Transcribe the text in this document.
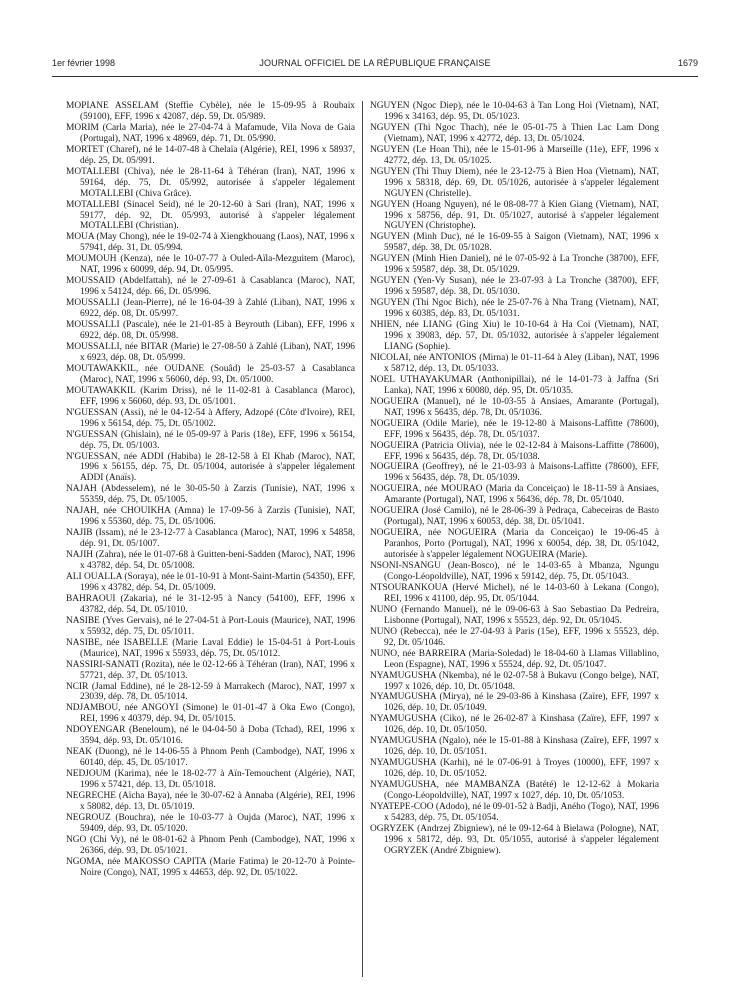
1er février 1998	JOURNAL OFFICIEL DE LA RÉPUBLIQUE FRANÇAISE	1679

MOPIANE ASSELAM (Steffie Cybèle), née le 15-09-95 à Roubaix (59100), EFF, 1996 x 42087, dép. 59, Dt. 05/989.

MORIM (Carla Maria), née le 27-04-74 à Mafamude, Vila Nova de Gaia (Portugal), NAT, 1996 x 48969, dép. 71, Dt. 05/990.

MORTET (Charef), né le 14-07-48 à Chelaïa (Algérie), REI, 1996 x 58937, dép. 25, Dt. 05/991.

MOTALLEBI (Chiva), née le 28-11-64 à Téhéran (Iran), NAT, 1996 x 59164, dép. 75, Dt. 05/992, autorisée à s'appeler légalement MOTALLEBI (Chiva Grâce).

MOTALLEBI (Sinacel Seid), né le 20-12-60 à Sari (Iran), NAT, 1996 x 59177, dép. 92, Dt. 05/993, autorisé à s'appeler légalement MOTALLEBI (Christian).

MOUA (May Chong), née le 19-02-74 à Xiengkhouang (Laos), NAT, 1996 x 57941, dép. 31, Dt. 05/994.

MOUMOUH (Kenza), née le 10-07-77 à Ouled-Aïla-Mezguitem (Maroc), NAT, 1996 x 60099, dép. 94, Dt. 05/995.

MOUSSAID (Abdelfattah), né le 27-09-61 à Casablanca (Maroc), NAT, 1996 x 54124, dép. 66, Dt. 05/996.

MOUSSALLI (Jean-Pierre), né le 16-04-39 à Zahlé (Liban), NAT, 1996 x 6922, dép. 08, Dt. 05/997.

MOUSSALLI (Pascale), née le 21-01-85 à Beyrouth (Liban), EFF, 1996 x 6922, dép. 08, Dt. 05/998.

MOUSSALLI, née BITAR (Marie) le 27-08-50 à Zahlé (Liban), NAT, 1996 x 6923, dép. 08, Dt. 05/999.

MOUTAWAKKIL, née OUDANE (Souâd) le 25-03-57 à Casablanca (Maroc), NAT, 1996 x 56060, dép. 93, Dt. 05/1000.

MOUTAWAKKIL (Karim Driss), né le 11-02-81 à Casablanca (Maroc), EFF, 1996 x 56060, dép. 93, Dt. 05/1001.

N'GUESSAN (Assi), né le 04-12-54 à Affery, Adzopé (Côte d'Ivoire), REI, 1996 x 56154, dép. 75, Dt. 05/1002.

N'GUESSAN (Ghislain), né le 05-09-97 à Paris (18e), EFF, 1996 x 56154, dép. 75, Dt. 05/1003.

N'GUESSAN, née ADDI (Habiba) le 28-12-58 à El Khab (Maroc), NAT, 1996 x 56155, dép. 75, Dt. 05/1004, autorisée à s'appeler légalement ADDI (Anaïs).

NAJAH (Abdesselem), né le 30-05-50 à Zarzis (Tunisie), NAT, 1996 x 55359, dép. 75, Dt. 05/1005.

NAJAH, née CHOUIKHA (Amna) le 17-09-56 à Zarzis (Tunisie), NAT, 1996 x 55360, dép. 75, Dt. 05/1006.

NAJIB (Issam), né le 23-12-77 à Casablanca (Maroc), NAT, 1996 x 54858, dép. 91, Dt. 05/1007.

NAJIH (Zahra), née le 01-07-68 à Guitten-beni-Sadden (Maroc), NAT, 1996 x 43782, dép. 54, Dt. 05/1008.

ALI OUALLA (Soraya), née le 01-10-91 à Mont-Saint-Martin (54350), EFF, 1996 x 43782, dép. 54, Dt. 05/1009.

BAHRAOUI (Zakaria), né le 31-12-95 à Nancy (54100), EFF, 1996 x 43782, dép. 54, Dt. 05/1010.

NASIBE (Yves Gervais), né le 27-04-51 à Port-Louis (Maurice), NAT, 1996 x 55932, dép. 75, Dt. 05/1011.

NASIBE, née ISABELLE (Marie Laval Eddie) le 15-04-51 à Port-Louis (Maurice), NAT, 1996 x 55933, dép. 75, Dt. 05/1012.

NASSIRI-SANATI (Rozita), née le 02-12-66 à Téhéran (Iran), NAT, 1996 x 57721, dép. 37, Dt. 05/1013.

NCIR (Jamal Eddine), né le 28-12-59 à Marrakech (Maroc), NAT, 1997 x 23039, dép. 78, Dt. 05/1014.

NDJAMBOU, née ANGOYI (Simone) le 01-01-47 à Oka Ewo (Congo), REI, 1996 x 40379, dép. 94, Dt. 05/1015.

NDOYENGAR (Beneloum), né le 04-04-50 à Doba (Tchad), REI, 1996 x 3594, dép. 93, Dt. 05/1016.

NEAK (Duong), né le 14-06-55 à Phnom Penh (Cambodge), NAT, 1996 x 60140, dép. 45, Dt. 05/1017.

NEDJOUM (Karima), née le 18-02-77 à Aïn-Temouchent (Algérie), NAT, 1996 x 57421, dép. 13, Dt. 05/1018.

NEGRECHE (Aïcha Baya), née le 30-07-62 à Annaba (Algérie), REI, 1996 x 58082, dép. 13, Dt. 05/1019.

NEGROUZ (Bouchra), née le 10-03-77 à Oujda (Maroc), NAT, 1996 x 59409, dép. 93, Dt. 05/1020.

NGO (Chi Vy), né le 08-01-62 à Phnom Penh (Cambodge), NAT, 1996 x 26366, dép. 93, Dt. 05/1021.

NGOMA, née MAKOSSO CAPITA (Marie Fatima) le 20-12-70 à Pointe-Noire (Congo), NAT, 1995 x 44653, dép. 92, Dt. 05/1022.

NGUYEN (Ngoc Diep), née le 10-04-63 à Tan Long Hoi (Vietnam), NAT, 1996 x 34163, dép. 95, Dt. 05/1023.

NGUYEN (Thi Ngoc Thach), née le 05-01-75 à Thien Lac Lam Dong (Vietnam), NAT, 1996 x 42772, dép. 13, Dt. 05/1024.

NGUYEN (Le Hoan Thi), née le 15-01-96 à Marseille (11e), EFF, 1996 x 42772, dép. 13, Dt. 05/1025.

NGUYEN (Thi Thuy Diem), née le 23-12-75 à Bien Hoa (Vietnam), NAT, 1996 x 58318, dép. 69, Dt. 05/1026, autorisée à s'appeler légalement NGUYEN (Christelle).

NGUYEN (Hoang Nguyen), né le 08-08-77 à Kien Giang (Vietnam), NAT, 1996 x 58756, dép. 91, Dt. 05/1027, autorisé à s'appeler légalement NGUYEN (Christophe).

NGUYEN (Minh Duc), né le 16-09-55 à Saigon (Vietnam), NAT, 1996 x 59587, dép. 38, Dt. 05/1028.

NGUYEN (Minh Hien Daniel), né le 07-05-92 à La Tronche (38700), EFF, 1996 x 59587, dép. 38, Dt. 05/1029.

NGUYEN (Yen-Vy Susan), née le 23-07-93 à La Tronche (38700), EFF, 1996 x 59587, dép. 38, Dt. 05/1030.

NGUYEN (Thi Ngoc Bich), née le 25-07-76 à Nha Trang (Vietnam), NAT, 1996 x 60385, dép. 83, Dt. 05/1031.

NHIEN, née LIANG (Ging Xiu) le 10-10-64 à Ha Coi (Vietnam), NAT, 1996 x 39083, dép. 57, Dt. 05/1032, autorisée à s'appeler légalement LIANG (Sophie).

NICOLAI, née ANTONIOS (Mirna) le 01-11-64 à Aley (Liban), NAT, 1996 x 58712, dép. 13, Dt. 05/1033.

NOEL UTHAYAKUMAR (Anthonipillai), né le 14-01-73 à Jaffna (Sri Lanka), NAT, 1996 x 60080, dép. 95, Dt. 05/1035.

NOGUEIRA (Manuel), né le 10-03-55 à Ansiaes, Amarante (Portugal), NAT, 1996 x 56435, dép. 78, Dt. 05/1036.

NOGUEIRA (Odile Marie), née le 19-12-80 à Maisons-Laffitte (78600), EFF, 1996 x 56435, dép. 78, Dt. 05/1037.

NOGUEIRA (Patricia Olivia), née le 02-12-84 à Maisons-Laffitte (78600), EFF, 1996 x 56435, dép. 78, Dt. 05/1038.

NOGUEIRA (Geoffrey), né le 21-03-93 à Maisons-Laffitte (78600), EFF, 1996 x 56435, dép. 78, Dt. 05/1039.

NOGUEIRA, née MOURAO (Maria da Conceiçao) le 18-11-59 à Ansiaes, Amarante (Portugal), NAT, 1996 x 56436, dép. 78, Dt. 05/1040.

NOGUEIRA (José Camilo), né le 28-06-39 à Pedraça, Cabeceiras de Basto (Portugal), NAT, 1996 x 60053, dép. 38, Dt. 05/1041.

NOGUEIRA, née NOGUEIRA (Maria da Conceiçao) le 19-06-45 à Paranhos, Porto (Portugal), NAT, 1996 x 60054, dép. 38, Dt. 05/1042, autorisée à s'appeler légalement NOGUEIRA (Marie).

NSONI-NSANGU (Jean-Bosco), né le 14-03-65 à Mbanza, Ngungu (Congo-Léopoldville), NAT, 1996 x 59142, dép. 75, Dt. 05/1043.

NTSOURANKOUA (Hervé Michel), né le 14-03-60 à Lekana (Congo), REI, 1996 x 41100, dép. 95, Dt. 05/1044.

NUNO (Fernando Manuel), né le 09-06-63 à Sao Sebastiao Da Pedreira, Lisbonne (Portugal), NAT, 1996 x 55523, dép. 92, Dt. 05/1045.

NUNO (Rebecca), née le 27-04-93 à Paris (15e), EFF, 1996 x 55523, dép. 92, Dt. 05/1046.

NUNO, née BARREIRA (Maria-Soledad) le 18-04-60 à Llamas Villablino, Leon (Espagne), NAT, 1996 x 55524, dép. 92, Dt. 05/1047.

NYAMUGUSHA (Nkemba), né le 02-07-58 à Bukavu (Congo belge), NAT, 1997 x 1026, dép. 10, Dt. 05/1048.

NYAMUGUSHA (Mirya), né le 29-03-86 à Kinshasa (Zaïre), EFF, 1997 x 1026, dép. 10, Dt. 05/1049.

NYAMUGUSHA (Ciko), né le 26-02-87 à Kinshasa (Zaïre), EFF, 1997 x 1026, dép. 10, Dt. 05/1050.

NYAMUGUSHA (Ngalo), née le 15-01-88 à Kinshasa (Zaïre), EFF, 1997 x 1026, dép. 10, Dt. 05/1051.

NYAMUGUSHA (Karhi), né le 07-06-91 à Troyes (10000), EFF, 1997 x 1026, dép. 10, Dt. 05/1052.

NYAMUGUSHA, née MAMBANZA (Batété) le 12-12-62 à Mokaria (Congo-Léopoldville), NAT, 1997 x 1027, dép. 10, Dt. 05/1053.

NYATEPE-COO (Adodo), né le 09-01-52 à Badji, Aného (Togo), NAT, 1996 x 54283, dép. 75, Dt. 05/1054.

OGRYZEK (Andrzej Zbigniew), né le 09-12-64 à Bielawa (Pologne), NAT, 1996 x 58172, dép. 93, Dt. 05/1055, autorisé à s'appeler légalement OGRYZEK (André Zbigniew).
